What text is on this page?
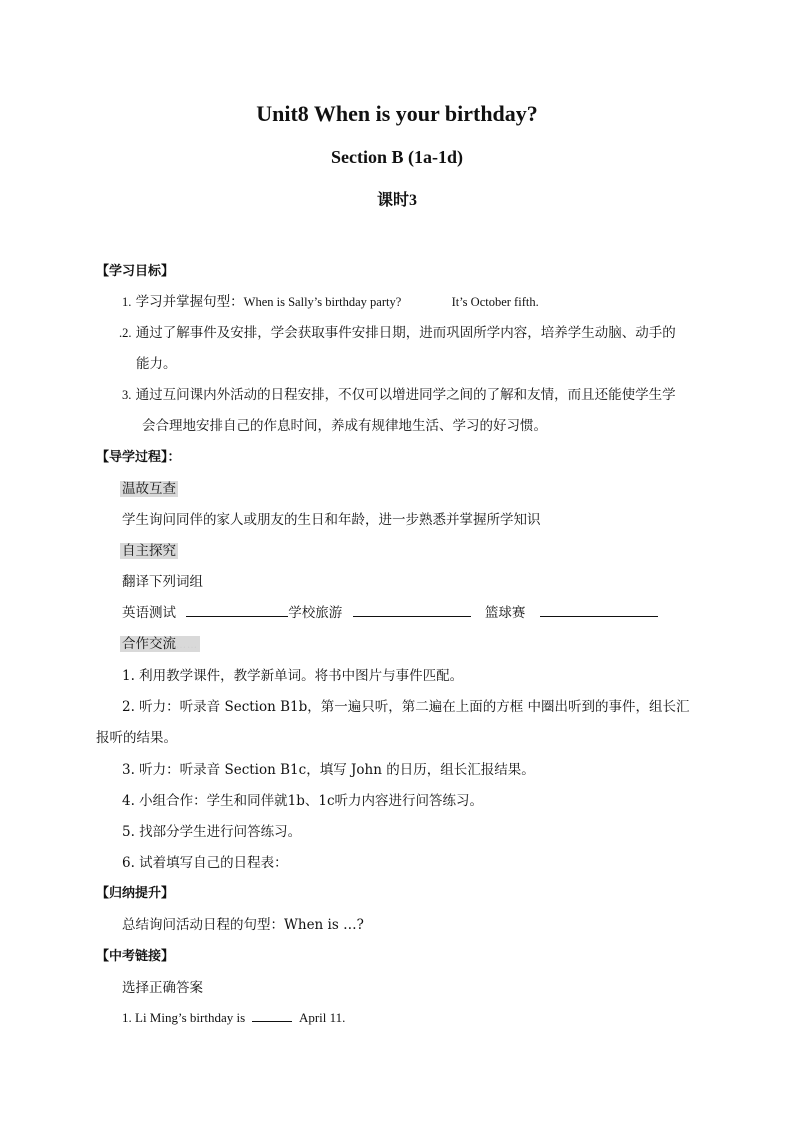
Unit8 When is your birthday?
Section B (1a-1d)
课时3
【学习目标】
1. 学习并掌握句型：When is Sally’s birthday party?	It’s October fifth.
.2. 通过了解事件及安排，学会获取事件安排日期，进而巩固所学内容，培养学生动脑、动手的
能力。
3. 通过互问课内外活动的日程安排，不仅可以增进同学之间的了解和友情，而且还能使学生学
会合理地安排自己的作息时间，养成有规律地生活、学习的好习惯。
【导学过程】：
温故互查
学生询问同伴的家人或朋友的生日和年龄，进一步熟悉并掌握所学知识
自主探究
翻译下列词组
英语测试	学校旅游	篮球赛
合作交流……
1. 利用教学课件，教学新单词。将书中图片与事件匹配。
2. 听力：听录音 Section B1b，第一遍只听，第二遍在上面的方框 中圈出听到的事件，组长汇
报听的结果。
3. 听力：听录音 Section B1c，填写 John 的日历，组长汇报结果。
4. 小组合作：学生和同伴就1b、1c听力内容进行问答练习。
5. 找部分学生进行问答练习。
6. 试着填写自己的日程表：
【归纳提升】
总结询问活动日程的句型：When is …?
【中考链接】
选择正确答案
1. Li Ming’s birthday is	April 11.
